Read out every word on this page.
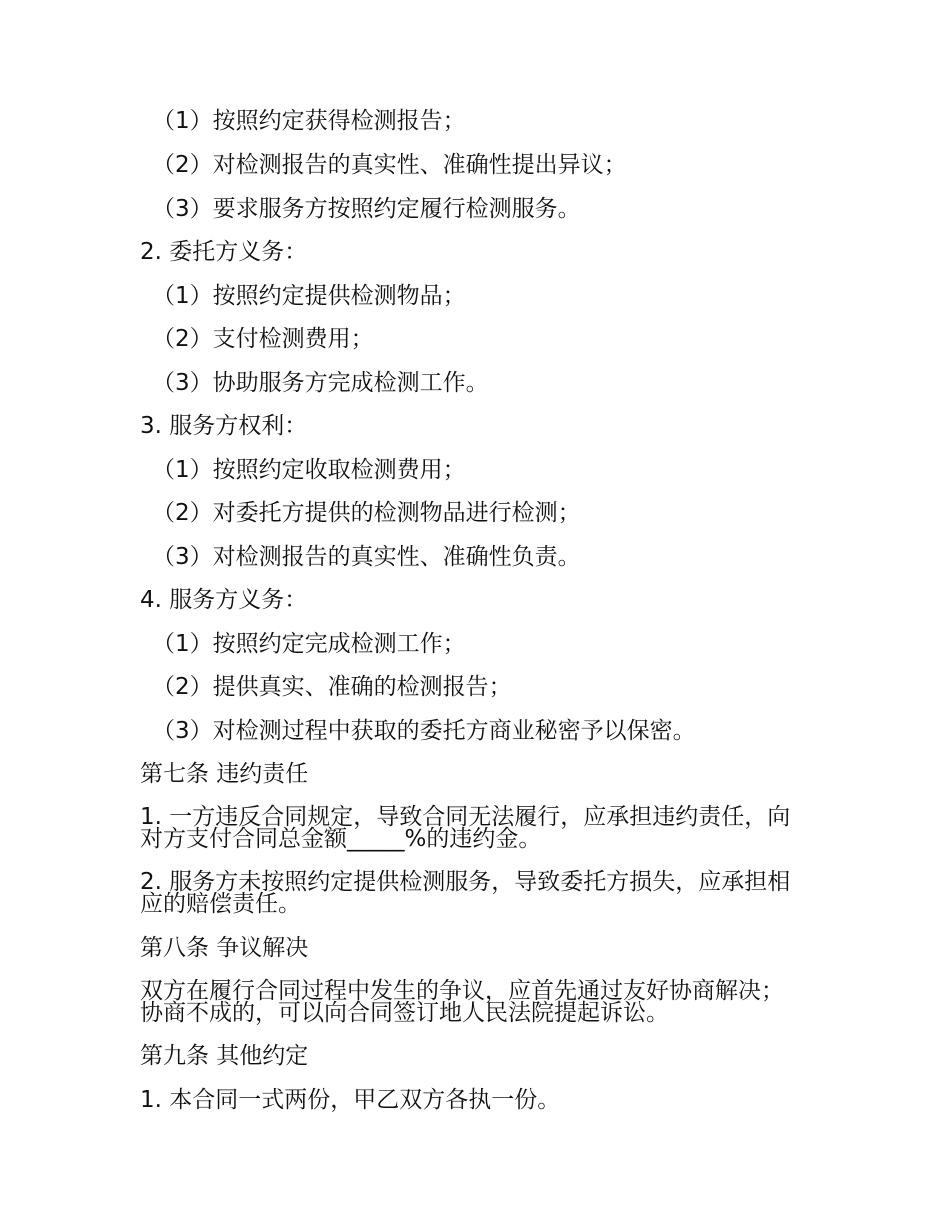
（1）按照约定获得检测报告；
（2）对检测报告的真实性、准确性提出异议；
（3）要求服务方按照约定履行检测服务。
2. 委托方义务：
（1）按照约定提供检测物品；
（2）支付检测费用；
（3）协助服务方完成检测工作。
3. 服务方权利：
（1）按照约定收取检测费用；
（2）对委托方提供的检测物品进行检测；
（3）对检测报告的真实性、准确性负责。
4. 服务方义务：
（1）按照约定完成检测工作；
（2）提供真实、准确的检测报告；
（3）对检测过程中获取的委托方商业秘密予以保密。
第七条 违约责任
1. 一方违反合同规定，导致合同无法履行，应承担违约责任，向对方支付合同总金额_____%的违约金。
2. 服务方未按照约定提供检测服务，导致委托方损失，应承担相应的赔偿责任。
第八条 争议解决
双方在履行合同过程中发生的争议，应首先通过友好协商解决；协商不成的，可以向合同签订地人民法院提起诉讼。
第九条 其他约定
1. 本合同一式两份，甲乙双方各执一份。
